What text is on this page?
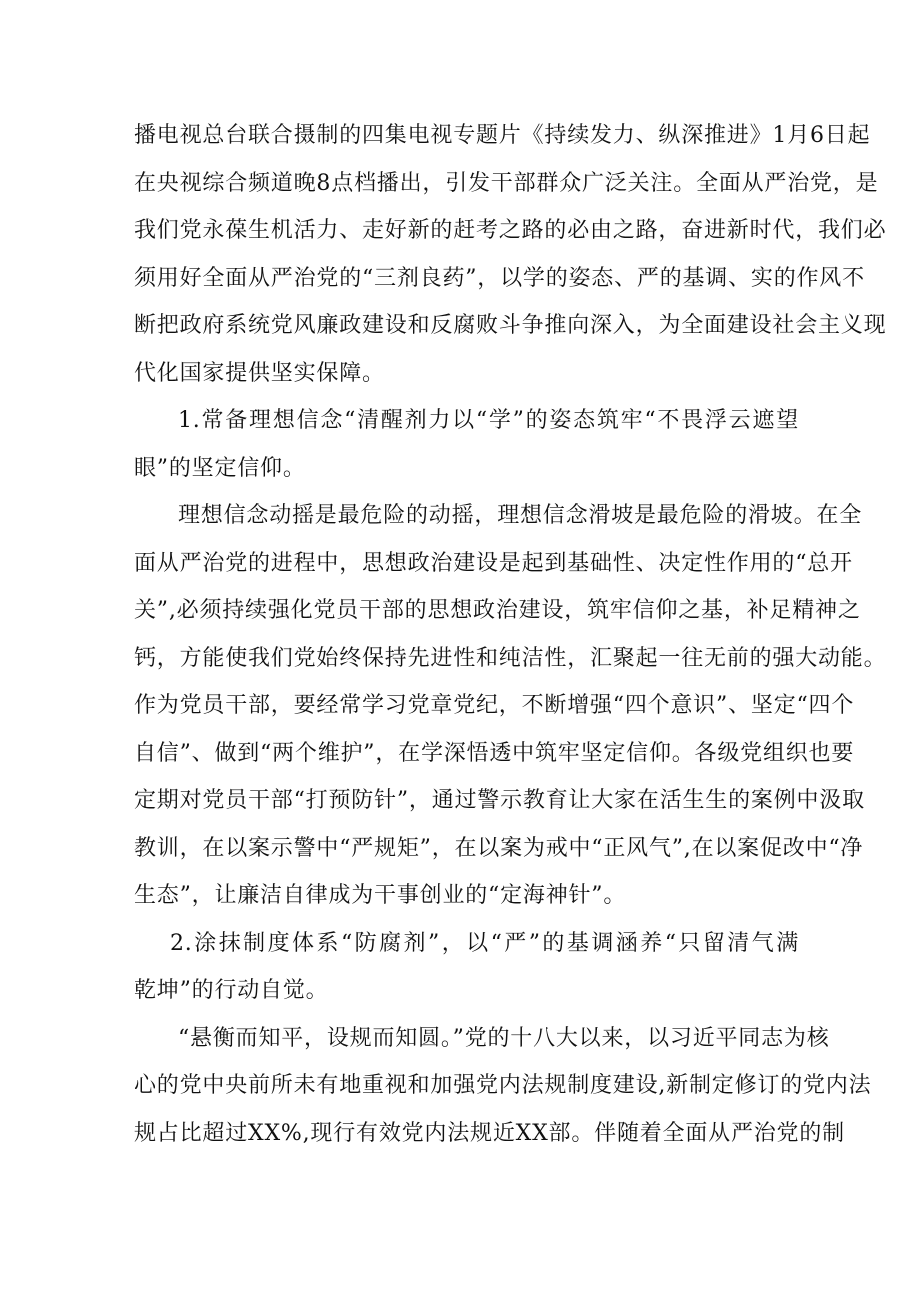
播电视总台联合摄制的四集电视专题片《持续发力、纵深推进》1月6日起
在央视综合频道晚8点档播出，引发干部群众广泛关注。全面从严治党，是
我们党永葆生机活力、走好新的赶考之路的必由之路，奋进新时代，我们必
须用好全面从严治党的“三剂良药”，以学的姿态、严的基调、实的作风不
断把政府系统党风廉政建设和反腐败斗争推向深入，为全面建设社会主义现
代化国家提供坚实保障。
1.常备理想信念“清醒剂力以“学”的姿态筑牢“不畏浮云遮望
眼”的坚定信仰。
理想信念动摇是最危险的动摇，理想信念滑坡是最危险的滑坡。在全
面从严治党的进程中，思想政治建设是起到基础性、决定性作用的“总开
关”,必须持续强化党员干部的思想政治建设，筑牢信仰之基，补足精神之
钙，方能使我们党始终保持先进性和纯洁性，汇聚起一往无前的强大动能。
作为党员干部，要经常学习党章党纪，不断增强“四个意识”、坚定“四个
自信”、做到“两个维护”，在学深悟透中筑牢坚定信仰。各级党组织也要
定期对党员干部“打预防针”，通过警示教育让大家在活生生的案例中汲取
教训，在以案示警中“严规矩”，在以案为戒中“正风气”,在以案促改中“净
生态”，让廉洁自律成为干事创业的“定海神针”。
2.涂抹制度体系“防腐剂”，以“严”的基调涵养“只留清气满
乾坤”的行动自觉。
“悬衡而知平，设规而知圆。”党的十八大以来，以习近平同志为核
心的党中央前所未有地重视和加强党内法规制度建设,新制定修订的党内法
规占比超过XX%,现行有效党内法规近XX部。伴随着全面从严治党的制
